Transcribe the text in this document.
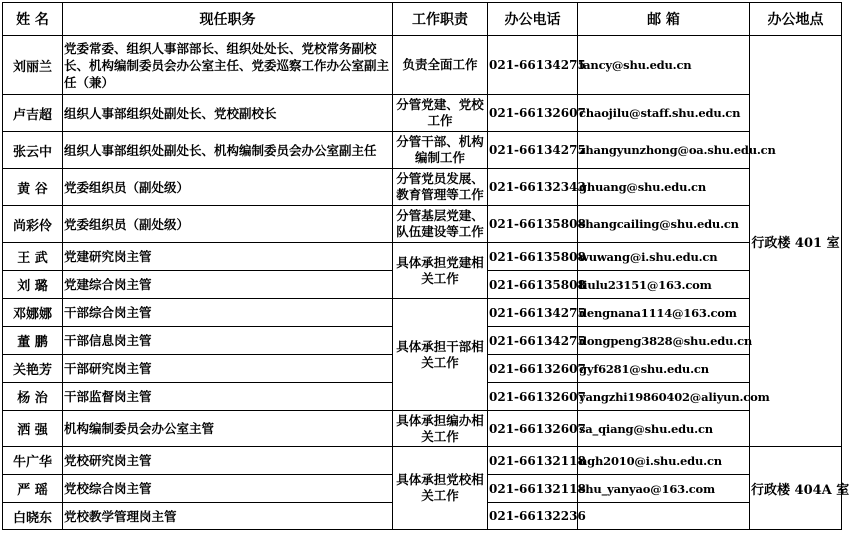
姓 名	现任职务	工作职责	办公电话	邮 箱	办公地点
刘丽兰	党委常委、组织人事部部长、组织处处长、党校常务副校长、机构编制委员会办公室主任、党委巡察工作办公室副主任（兼）	负责全面工作	021-66134275	lancy@shu.edu.cn	行政楼 401 室
卢吉超	组织人事部组织处副处长、党校副校长	分管党建、党校工作	021-66132607	chaojilu@staff.shu.edu.cn	
张云中	组织人事部组织处副处长、机构编制委员会办公室副主任	分管干部、机构编制工作	021-66134275	zhangyunzhong@oa.shu.edu.cn	
黄 谷	党委组织员（副处级）	分管党员发展、教育管理等工作	021-66132343	ghuang@shu.edu.cn	
尚彩伶	党委组织员（副处级）	分管基层党建、队伍建设等工作	021-66135808	shangcailing@shu.edu.cn	
王 武	党建研究岗主管	具体承担党建相关工作	021-66135808	wuwang@i.shu.edu.cn	
刘 璐	党建综合岗主管		021-66135808	liulu23151@163.com	
邓娜娜	干部综合岗主管	具体承担干部相关工作	021-66134275	dengnana1114@163.com	
董 鹏	干部信息岗主管		021-66134275	dongpeng3828@shu.edu.cn	
关艳芳	干部研究岗主管		021-66132607	gyf6281@shu.edu.cn	
杨 治	干部监督岗主管		021-66132607	yangzhi19860402@aliyun.com	
洒 强	机构编制委员会办公室主管	具体承担编办相关工作	021-66132607	sa_qiang@shu.edu.cn	
牛广华	党校研究岗主管	具体承担党校相关工作	021-66132118	ngh2010@i.shu.edu.cn	行政楼 404A 室
严 瑶	党校综合岗主管		021-66132118	shu_yanyao@163.com	
白晓东	党校教学管理岗主管		021-66132236		
